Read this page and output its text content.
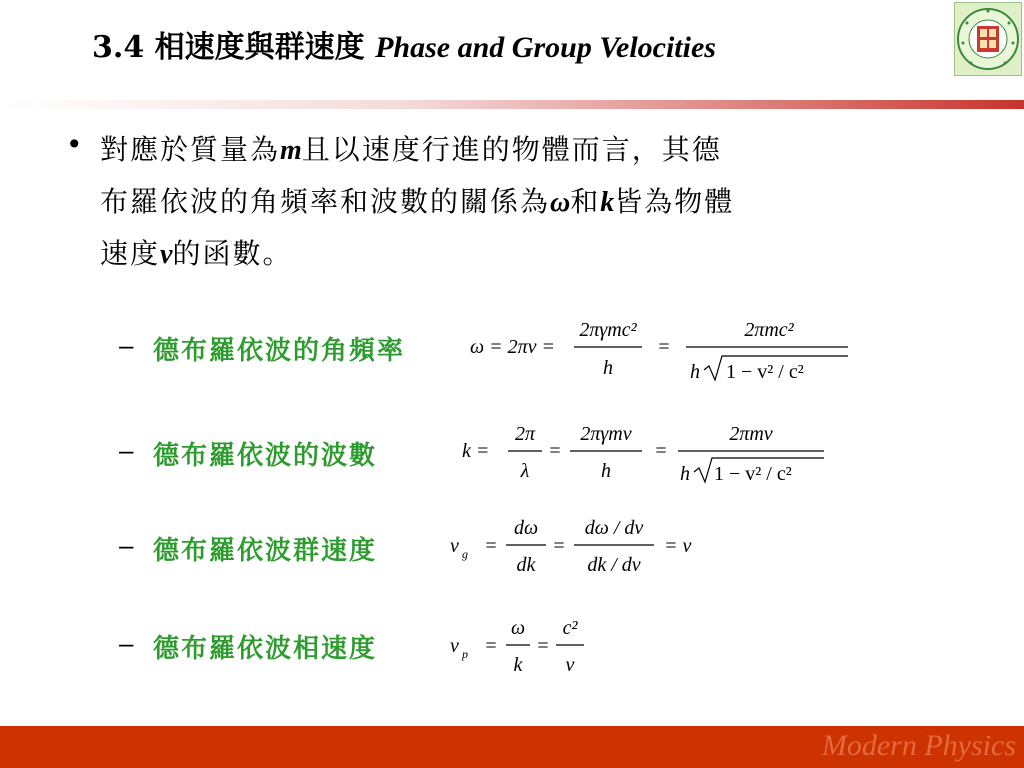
3.4 相速度與群速度 Phase and Group Velocities
• 對應於質量為m且以速度行進的物體而言，其德
布羅依波的角頻率和波數的關係為ω和k皆為物體
速度v的函數。
– 德布羅依波的角頻率	ω = 2πν =
2πγmc²
h
=
2πmc²
h 1 − v² / c²
– 德布羅依波的波數	k =
2π
λ
=
2πγmv
h
=
2πmv
h 1 − v² / c²
– 德布羅依波群速度	v g =
dω
dk
=
dω / dv
dk / dv
= v
– 德布羅依波相速度	v p =
ω
k
=
c²
v
Modern Physics
